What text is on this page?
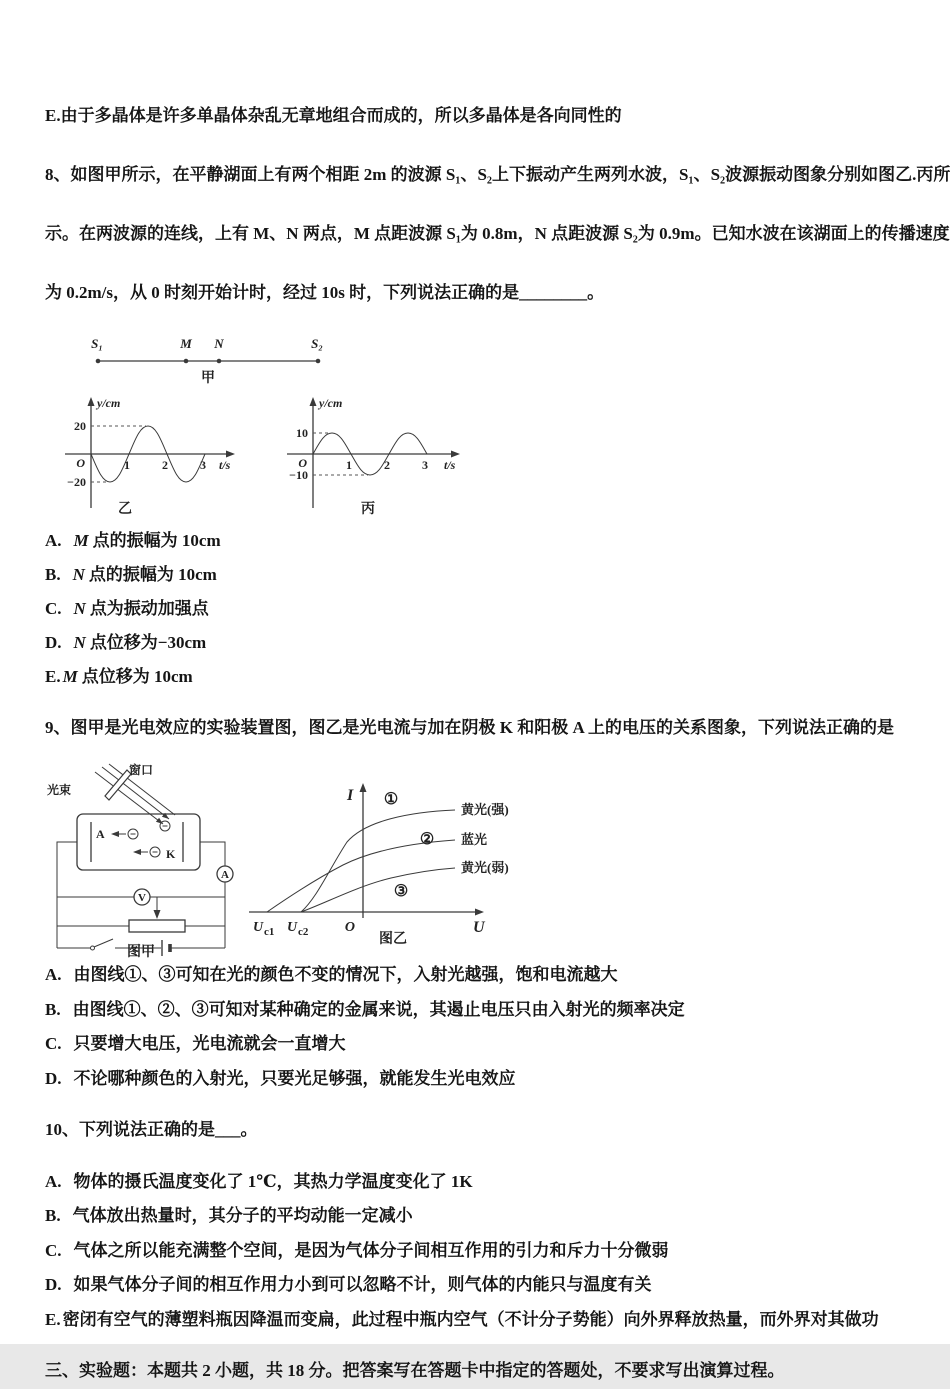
E.由于多晶体是许多单晶体杂乱无章地组合而成的，所以多晶体是各向同性的

8、如图甲所示，在平静湖面上有两个相距 2m 的波源 S₁、S₂上下振动产生两列水波，S₁、S₂波源振动图象分别如图乙.丙所

示。在两波源的连线，上有 M、N 两点，M 点距波源 S₁为 0.8m，N 点距波源 S₂为 0.9m。已知水波在该湖面上的传播速度

为 0.2m/s，从 0 时刻开始计时，经过 10s 时，下列说法正确的是________。

S₁	M N	S₂
甲
y/cm
20
−20
O	1	2	3 t/s
乙
y/cm
10
−10
O	1	2	3 t/s
丙
A. M 点的振幅为 10cm
B. N 点的振幅为 10cm
C. N 点为振动加强点
D. N 点位移为−30cm
E. M 点位移为 10cm

9、图甲是光电效应的实验装置图，图乙是光电流与加在阴极 K 和阳极 A 上的电压的关系图象，下列说法正确的是

窗口
光束
A
K
A
V
图甲
I
U
O
U c1 U c2
①
②
③
黄光(强)
蓝光
黄光(弱)
图乙
A. 由图线①、③可知在光的颜色不变的情况下，入射光越强，饱和电流越大
B. 由图线①、②、③可知对某种确定的金属来说，其遏止电压只由入射光的频率决定
C. 只要增大电压，光电流就会一直增大
D. 不论哪种颜色的入射光，只要光足够强，就能发生光电效应

10、下列说法正确的是___。

A. 物体的摄氏温度变化了 1℃，其热力学温度变化了 1K
B. 气体放出热量时，其分子的平均动能一定减小
C. 气体之所以能充满整个空间，是因为气体分子间相互作用的引力和斥力十分微弱
D. 如果气体分子间的相互作用力小到可以忽略不计，则气体的内能只与温度有关
E. 密闭有空气的薄塑料瓶因降温而变扁，此过程中瓶内空气（不计分子势能）向外界释放热量，而外界对其做功

三、实验题：本题共 2 小题，共 18 分。把答案写在答题卡中指定的答题处，不要求写出演算过程。
